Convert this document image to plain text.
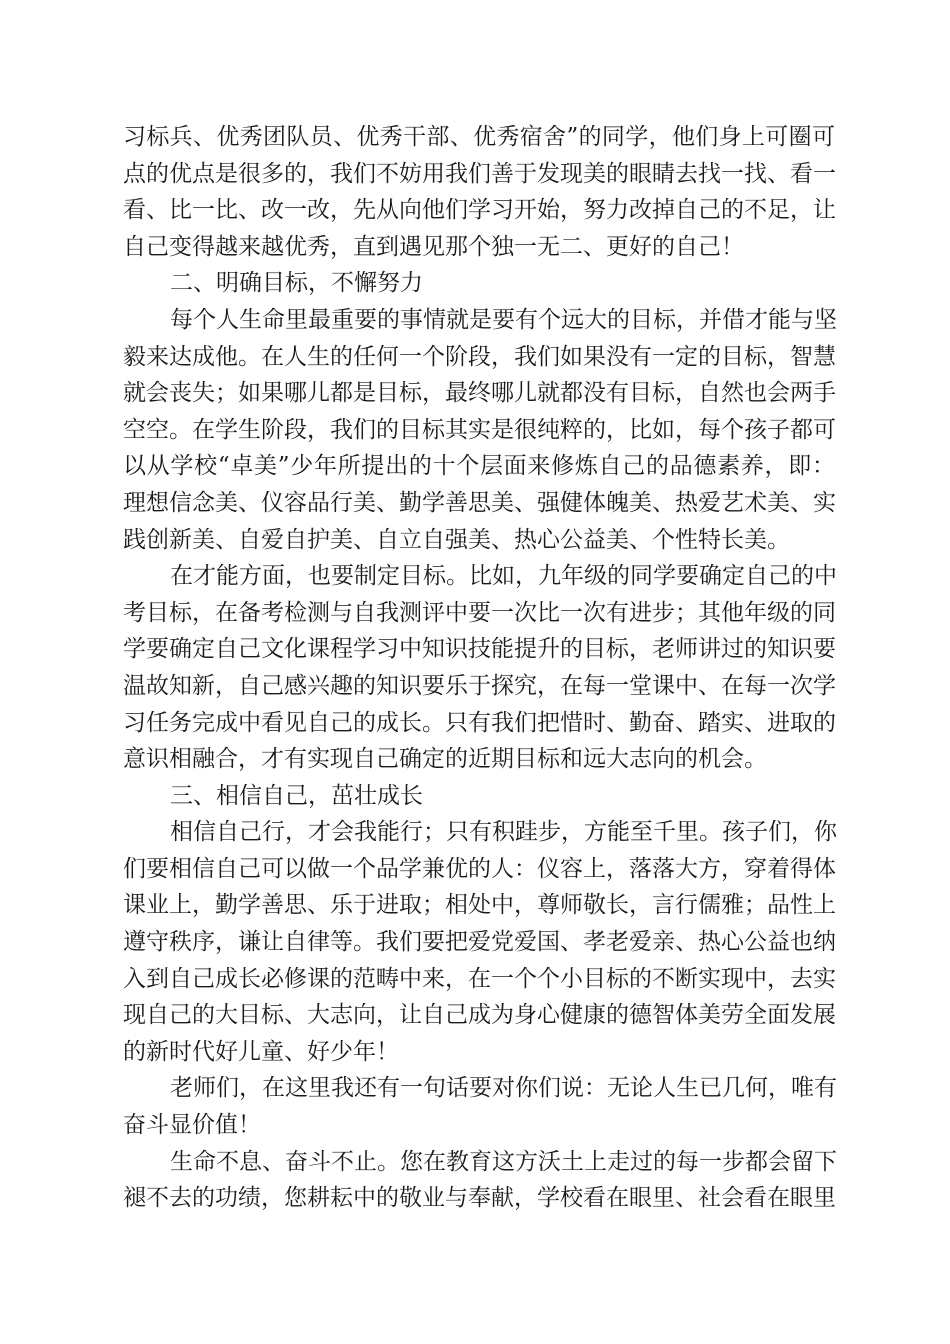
习标兵、优秀团队员、优秀干部、优秀宿舍”的同学，他们身上可圈可
点的优点是很多的，我们不妨用我们善于发现美的眼睛去找一找、看一
看、比一比、改一改，先从向他们学习开始，努力改掉自己的不足，让
自己变得越来越优秀，直到遇见那个独一无二、更好的自己！
二、明确目标，不懈努力
每个人生命里最重要的事情就是要有个远大的目标，并借才能与坚
毅来达成他。在人生的任何一个阶段，我们如果没有一定的目标，智慧
就会丧失；如果哪儿都是目标，最终哪儿就都没有目标，自然也会两手
空空。在学生阶段，我们的目标其实是很纯粹的，比如，每个孩子都可
以从学校“卓美”少年所提出的十个层面来修炼自己的品德素养，即：
理想信念美、仪容品行美、勤学善思美、强健体魄美、热爱艺术美、实
践创新美、自爱自护美、自立自强美、热心公益美、个性特长美。
在才能方面，也要制定目标。比如，九年级的同学要确定自己的中
考目标，在备考检测与自我测评中要一次比一次有进步；其他年级的同
学要确定自己文化课程学习中知识技能提升的目标，老师讲过的知识要
温故知新，自己感兴趣的知识要乐于探究，在每一堂课中、在每一次学
习任务完成中看见自己的成长。只有我们把惜时、勤奋、踏实、进取的
意识相融合，才有实现自己确定的近期目标和远大志向的机会。
三、相信自己，茁壮成长
相信自己行，才会我能行；只有积跬步，方能至千里。孩子们，你
们要相信自己可以做一个品学兼优的人：仪容上，落落大方，穿着得体
课业上，勤学善思、乐于进取；相处中，尊师敬长，言行儒雅；品性上
遵守秩序，谦让自律等。我们要把爱党爱国、孝老爱亲、热心公益也纳
入到自己成长必修课的范畴中来，在一个个小目标的不断实现中，去实
现自己的大目标、大志向，让自己成为身心健康的德智体美劳全面发展
的新时代好儿童、好少年！
老师们，在这里我还有一句话要对你们说：无论人生已几何，唯有
奋斗显价值！
生命不息、奋斗不止。您在教育这方沃土上走过的每一步都会留下
褪不去的功绩，您耕耘中的敬业与奉献，学校看在眼里、社会看在眼里
